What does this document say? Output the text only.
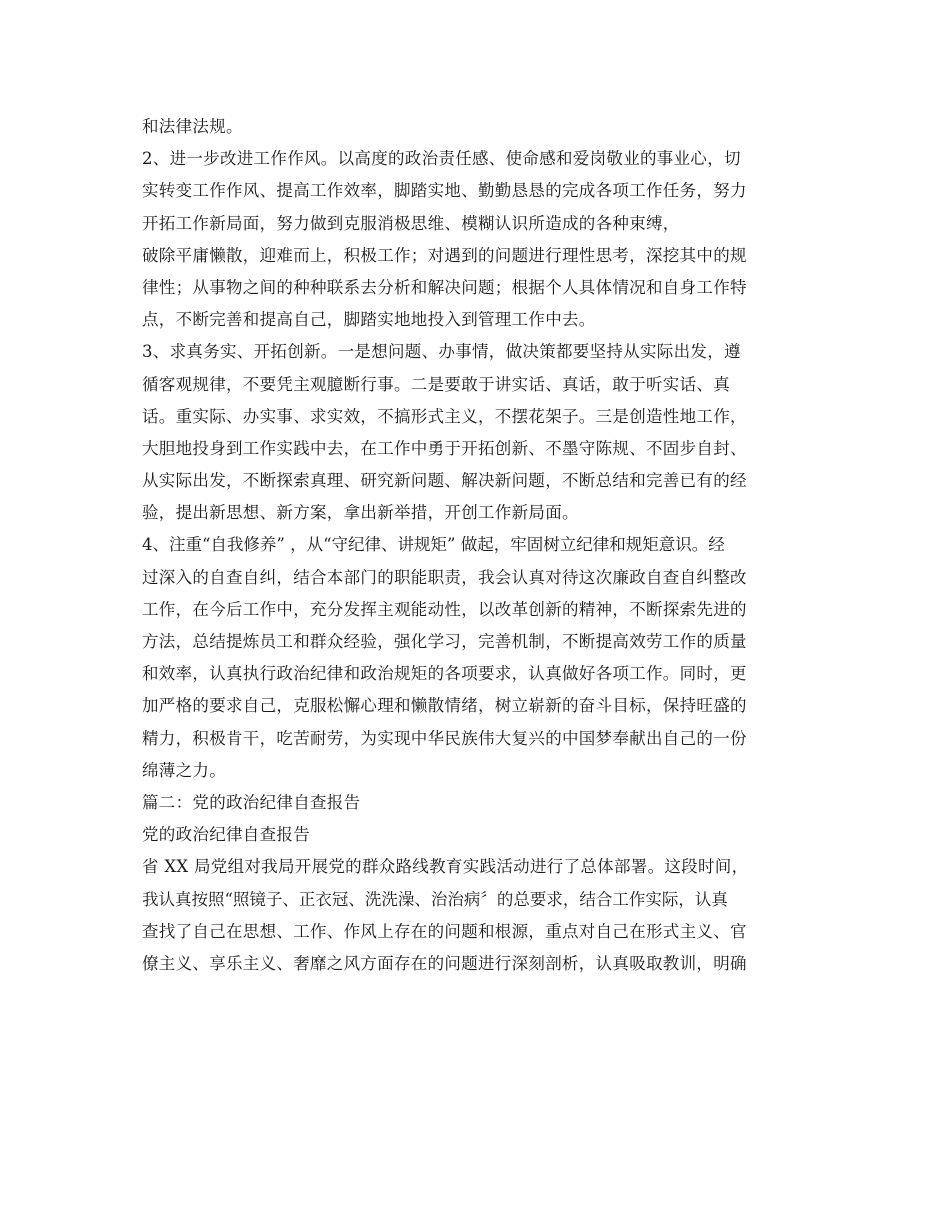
和法律法规。
2、进一步改进工作作风。以高度的政治责任感、使命感和爱岗敬业的事业心，切
实转变工作作风、提高工作效率，脚踏实地、勤勤恳恳的完成各项工作任务，努力
开拓工作新局面，努力做到克服消极思维、模糊认识所造成的各种束缚，
破除平庸懒散，迎难而上，积极工作；对遇到的问题进行理性思考，深挖其中的规
律性；从事物之间的种种联系去分析和解决问题；根据个人具体情况和自身工作特
点，不断完善和提高自己，脚踏实地地投入到管理工作中去。
3、求真务实、开拓创新。一是想问题、办事情，做决策都要坚持从实际出发，遵
循客观规律，不要凭主观臆断行事。二是要敢于讲实话、真话，敢于听实话、真
话。重实际、办实事、求实效，不搞形式主义，不摆花架子。三是创造性地工作，
大胆地投身到工作实践中去，在工作中勇于开拓创新、不墨守陈规、不固步自封、
从实际出发，不断探索真理、研究新问题、解决新问题，不断总结和完善已有的经
验，提出新思想、新方案，拿出新举措，开创工作新局面。
4、注重“自我修养” ，从“守纪律、讲规矩” 做起，牢固树立纪律和规矩意识。经
过深入的自查自纠，结合本部门的职能职责，我会认真对待这次廉政自查自纠整改
工作，在今后工作中，充分发挥主观能动性，以改革创新的精神，不断探索先进的
方法，总结提炼员工和群众经验，强化学习，完善机制，不断提高效劳工作的质量
和效率，认真执行政治纪律和政治规矩的各项要求，认真做好各项工作。同时，更
加严格的要求自己，克服松懈心理和懒散情绪，树立崭新的奋斗目标，保持旺盛的
精力，积极肯干，吃苦耐劳，为实现中华民族伟大复兴的中国梦奉献出自己的一份
绵薄之力。
篇二：党的政治纪律自查报告
党的政治纪律自查报告
省 XX 局党组对我局开展党的群众路线教育实践活动进行了总体部署。这段时间，
我认真按照“照镜子、正衣冠、洗洗澡、治治病〞的总要求，结合工作实际，认真
查找了自己在思想、工作、作风上存在的问题和根源，重点对自己在形式主义、官
僚主义、享乐主义、奢靡之风方面存在的问题进行深刻剖析，认真吸取教训，明确
